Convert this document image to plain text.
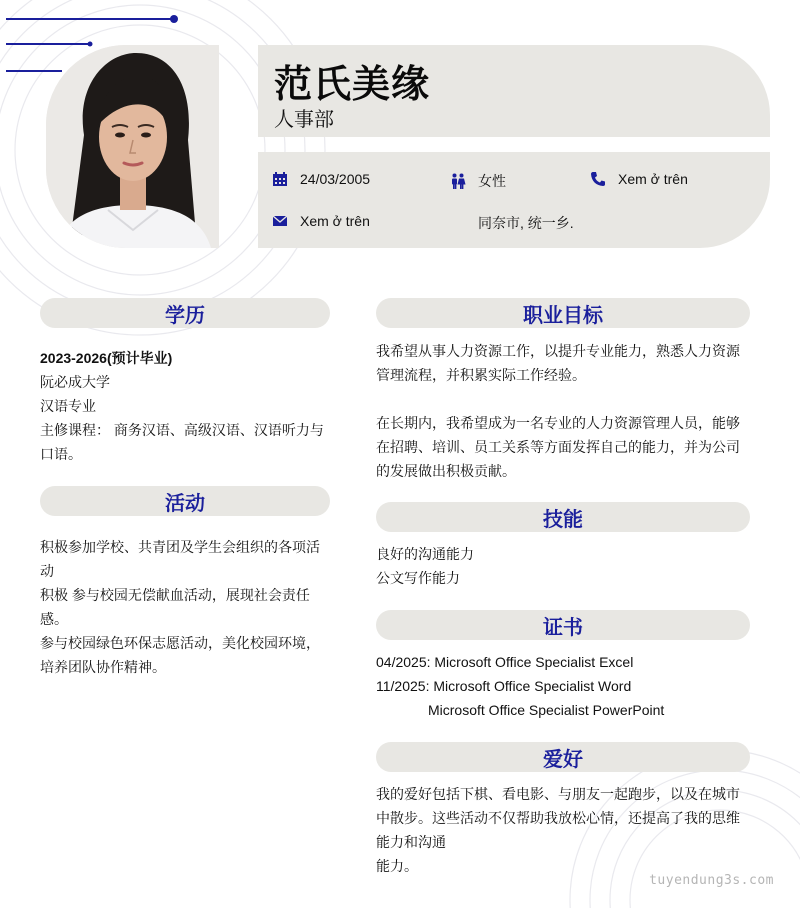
范氏美缘
人事部
24/03/2005	女性	Xem ở trên
Xem ở trên	同奈市, 统一乡.
学历

2023-2026(预计毕业)

阮必成大学

汉语专业

主修课程： 商务汉语、高级汉语、汉语听力与

口语。

活动

积极参加学校、共青团及学生会组织的各项活

动

积极 参与校园无偿献血活动，展现社会责任

感。

参与校园绿色环保志愿活动，美化校园环境，

培养团队协作精神。

职业目标

我希望从事人力资源工作，以提升专业能力，熟悉人力资源

管理流程，并积累实际工作经验。

在长期内，我希望成为一名专业的人力资源管理人员，能够

在招聘、培训、员工关系等方面发挥自己的能力，并为公司

的发展做出积极贡献。

技能

良好的沟通能力

公文写作能力

证书

04/2025: Microsoft Office Specialist Excel

11/2025: Microsoft Office Specialist Word

Microsoft Office Specialist PowerPoint

爱好

我的爱好包括下棋、看电影、与朋友一起跑步，以及在城市

中散步。这些活动不仅帮助我放松心情，还提高了我的思维

能力和沟通

能力。

tuyendung3s.com
